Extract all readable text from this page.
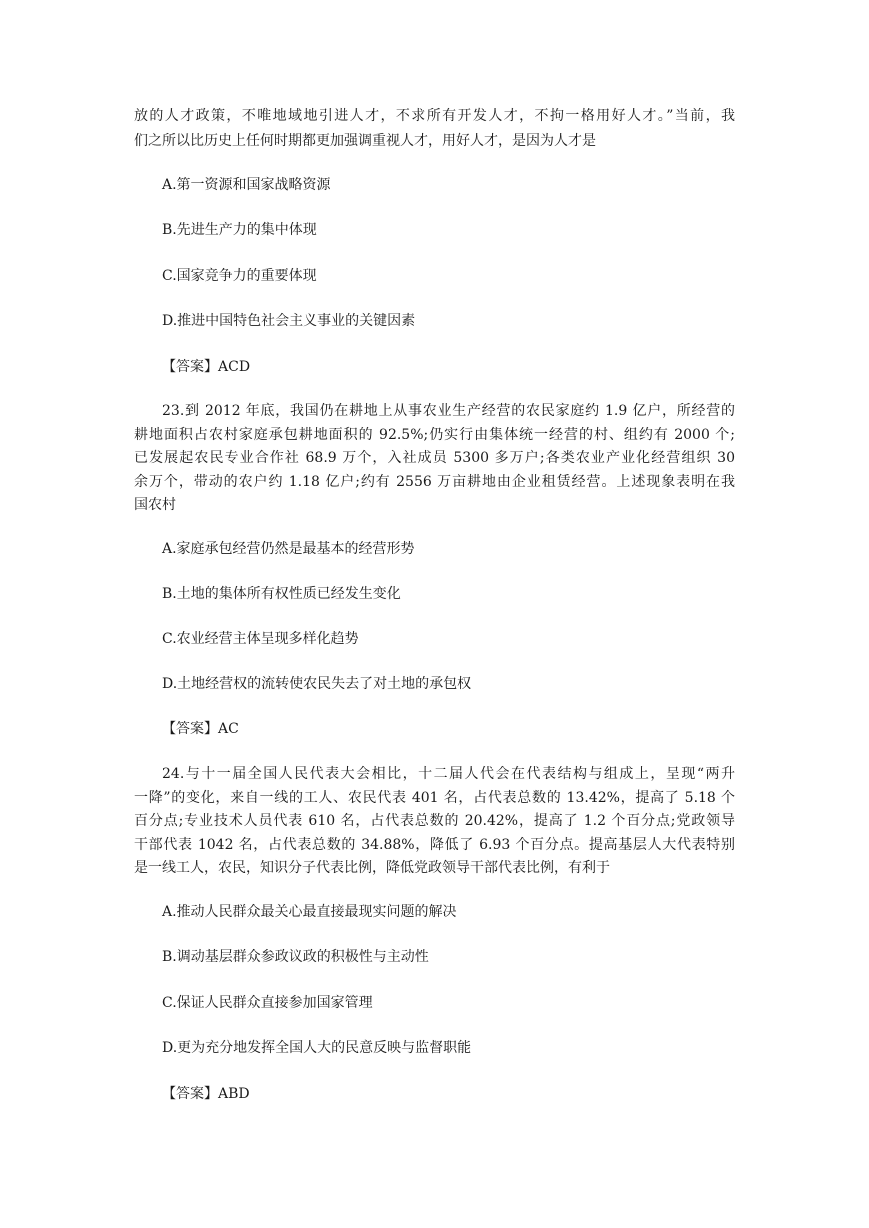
放的人才政策，不唯地域地引进人才，不求所有开发人才，不拘一格用好人才。”当前，我
们之所以比历史上任何时期都更加强调重视人才，用好人才，是因为人才是
A.第一资源和国家战略资源
B.先进生产力的集中体现
C.国家竞争力的重要体现
D.推进中国特色社会主义事业的关键因素
【答案】ACD
23.到 2012 年底，我国仍在耕地上从事农业生产经营的农民家庭约 1.9 亿户，所经营的
耕地面积占农村家庭承包耕地面积的 92.5%;仍实行由集体统一经营的村、组约有 2000 个;
已发展起农民专业合作社 68.9 万个，入社成员 5300 多万户;各类农业产业化经营组织 30
余万个，带动的农户约 1.18 亿户;约有 2556 万亩耕地由企业租赁经营。上述现象表明在我
国农村
A.家庭承包经营仍然是最基本的经营形势
B.土地的集体所有权性质已经发生变化
C.农业经营主体呈现多样化趋势
D.土地经营权的流转使农民失去了对土地的承包权
【答案】AC
24.与十一届全国人民代表大会相比，十二届人代会在代表结构与组成上，呈现“两升
一降”的变化，来自一线的工人、农民代表 401 名，占代表总数的 13.42%，提高了 5.18 个
百分点;专业技术人员代表 610 名，占代表总数的 20.42%，提高了 1.2 个百分点;党政领导
干部代表 1042 名，占代表总数的 34.88%，降低了 6.93 个百分点。提高基层人大代表特别
是一线工人，农民，知识分子代表比例，降低党政领导干部代表比例，有利于
A.推动人民群众最关心最直接最现实问题的解决
B.调动基层群众参政议政的积极性与主动性
C.保证人民群众直接参加国家管理
D.更为充分地发挥全国人大的民意反映与监督职能
【答案】ABD
